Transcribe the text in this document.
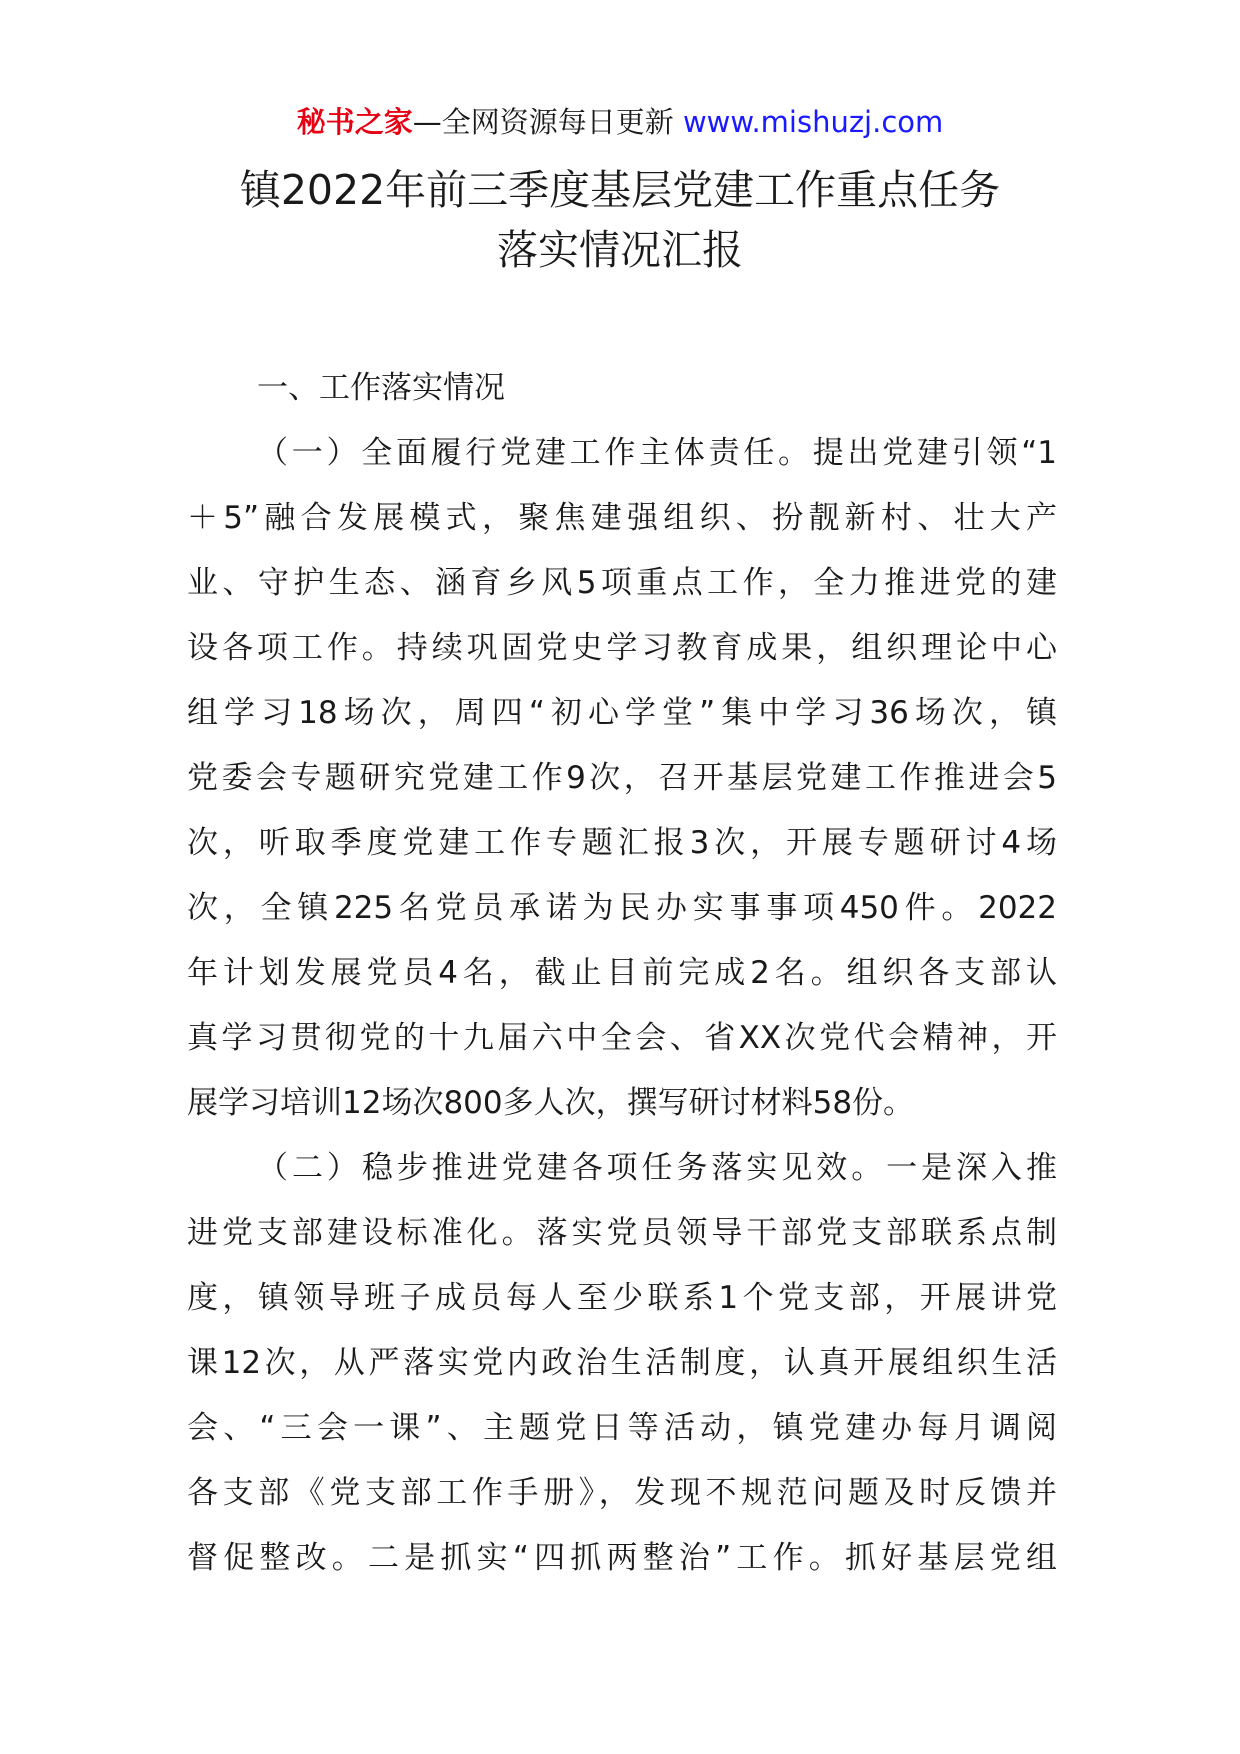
秘书之家—全网资源每日更新 www.mishuzj.com
镇2022年前三季度基层党建工作重点任务
落实情况汇报
一、工作落实情况
（一）全面履行党建工作主体责任。提出党建引领“1
＋5”融合发展模式，聚焦建强组织、扮靓新村、壮大产
业、守护生态、涵育乡风5项重点工作，全力推进党的建
设各项工作。持续巩固党史学习教育成果，组织理论中心
组学习18场次，周四“初心学堂”集中学习36场次，镇
党委会专题研究党建工作9次，召开基层党建工作推进会5
次，听取季度党建工作专题汇报3次，开展专题研讨4场
次，全镇225名党员承诺为民办实事事项450件。2022
年计划发展党员4名，截止目前完成2名。组织各支部认
真学习贯彻党的十九届六中全会、省XX次党代会精神，开
展学习培训12场次800多人次，撰写研讨材料58份。
（二）稳步推进党建各项任务落实见效。一是深入推
进党支部建设标准化。落实党员领导干部党支部联系点制
度，镇领导班子成员每人至少联系1个党支部，开展讲党
课12次，从严落实党内政治生活制度，认真开展组织生活
会、“三会一课”、主题党日等活动，镇党建办每月调阅
各支部《党支部工作手册》，发现不规范问题及时反馈并
督促整改。二是抓实“四抓两整治”工作。抓好基层党组
